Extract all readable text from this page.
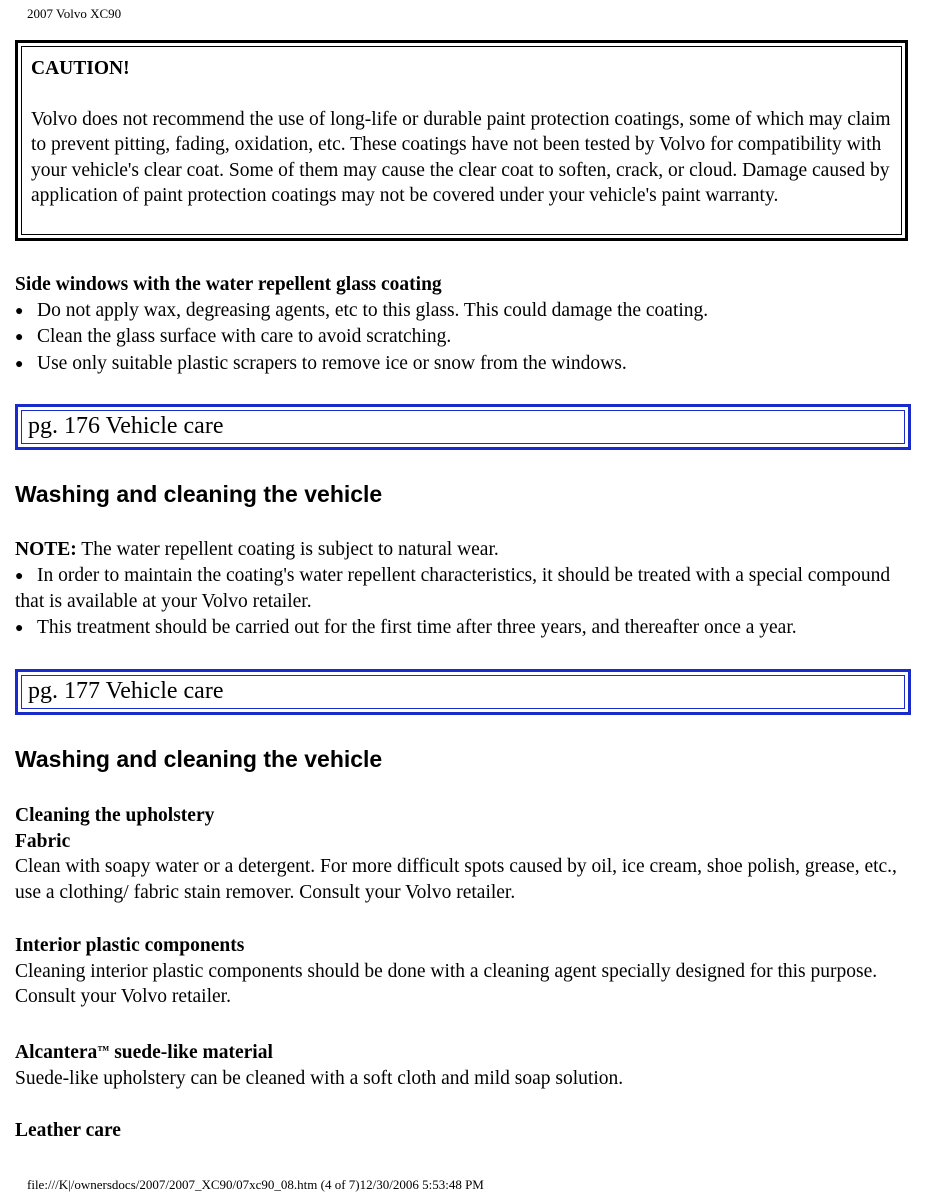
2007 Volvo XC90

CAUTION!

Volvo does not recommend the use of long-life or durable paint protection coatings, some of which may claim to prevent pitting, fading, oxidation, etc. These coatings have not been tested by Volvo for compatibility with your vehicle's clear coat. Some of them may cause the clear coat to soften, crack, or cloud. Damage caused by application of paint protection coatings may not be covered under your vehicle's paint warranty.

Side windows with the water repellent glass coating
● Do not apply wax, degreasing agents, etc to this glass. This could damage the coating.
● Clean the glass surface with care to avoid scratching.
● Use only suitable plastic scrapers to remove ice or snow from the windows.
pg. 176 Vehicle care
Washing and cleaning the vehicle
NOTE: The water repellent coating is subject to natural wear.
● In order to maintain the coating's water repellent characteristics, it should be treated with a special compound that is available at your Volvo retailer.
● This treatment should be carried out for the first time after three years, and thereafter once a year.
pg. 177 Vehicle care
Washing and cleaning the vehicle
Cleaning the upholstery
Fabric
Clean with soapy water or a detergent. For more difficult spots caused by oil, ice cream, shoe polish, grease, etc., use a clothing/ fabric stain remover. Consult your Volvo retailer.
Interior plastic components
Cleaning interior plastic components should be done with a cleaning agent specially designed for this purpose. Consult your Volvo retailer.
Alcantera™ suede-like material
Suede-like upholstery can be cleaned with a soft cloth and mild soap solution.
Leather care
file:///K|/ownersdocs/2007/2007_XC90/07xc90_08.htm (4 of 7)12/30/2006 5:53:48 PM
